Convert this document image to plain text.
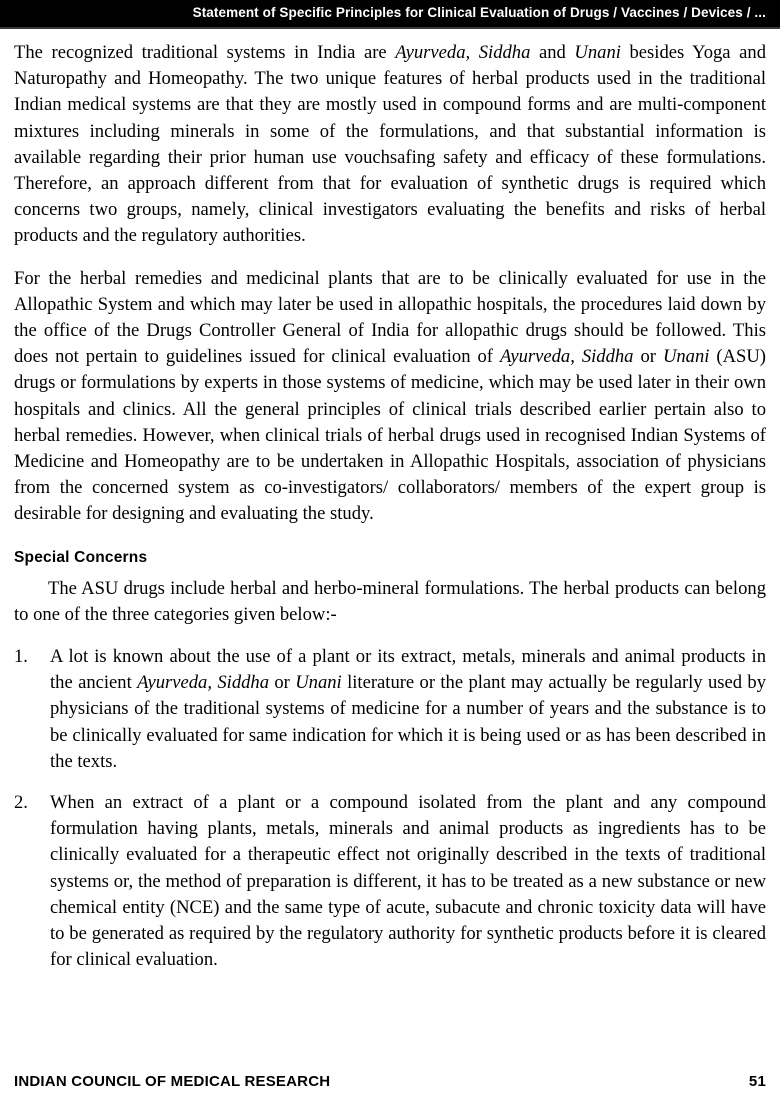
Statement of Specific Principles for Clinical Evaluation of Drugs / Vaccines / Devices / ...

The recognized traditional systems in India are Ayurveda, Siddha and Unani besides Yoga and Naturopathy and Homeopathy. The two unique features of herbal products used in the traditional Indian medical systems are that they are mostly used in compound forms and are multi-component mixtures including minerals in some of the formulations, and that substantial information is available regarding their prior human use vouchsafing safety and efficacy of these formulations. Therefore, an approach different from that for evaluation of synthetic drugs is required which concerns two groups, namely, clinical investigators evaluating the benefits and risks of herbal products and the regulatory authorities.

For the herbal remedies and medicinal plants that are to be clinically evaluated for use in the Allopathic System and which may later be used in allopathic hospitals, the procedures laid down by the office of the Drugs Controller General of India for allopathic drugs should be followed. This does not pertain to guidelines issued for clinical evaluation of Ayurveda, Siddha or Unani (ASU) drugs or formulations by experts in those systems of medicine, which may be used later in their own hospitals and clinics. All the general principles of clinical trials described earlier pertain also to herbal remedies. However, when clinical trials of herbal drugs used in recognised Indian Systems of Medicine and Homeopathy are to be undertaken in Allopathic Hospitals, association of physicians from the concerned system as co-investigators/ collaborators/ members of the expert group is desirable for designing and evaluating the study.

Special Concerns

The ASU drugs include herbal and herbo-mineral formulations. The herbal products can belong to one of the three categories given below:-

1.	A lot is known about the use of a plant or its extract, metals, minerals and animal products in the ancient Ayurveda, Siddha or Unani literature or the plant may actually be regularly used by physicians of the traditional systems of medicine for a number of years and the substance is to be clinically evaluated for same indication for which it is being used or as has been described in the texts.
2.	When an extract of a plant or a compound isolated from the plant and any compound formulation having plants, metals, minerals and animal products as ingredients has to be clinically evaluated for a therapeutic effect not originally described in the texts of traditional systems or, the method of preparation is different, it has to be treated as a new substance or new chemical entity (NCE) and the same type of acute, subacute and chronic toxicity data will have to be generated as required by the regulatory authority for synthetic products before it is cleared for clinical evaluation.
INDIAN COUNCIL OF MEDICAL RESEARCH	51
